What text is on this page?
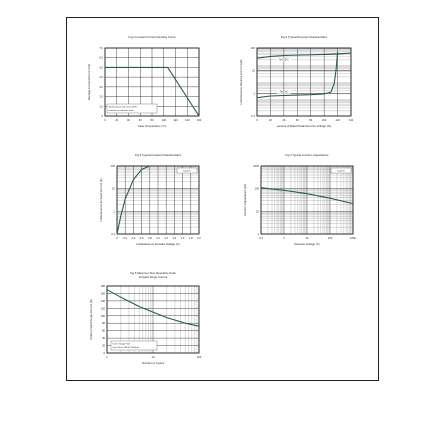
0	20	40	60	80	100	120	140	160
0
1.0
2.0
3.0
4.0
5.0
6.0
7.0
Single phase half wave 60 Hz
resistive or inductive load
Fig.1 Forward Current Derating Curve
Case Temperature (°C)
Average Forward Current (A)
0	20	40	60	80	100	120	140
0.1
1
10
100
Tj=125°C
Tj=25°C
Fig.2 Typical Reverse Characteristics
percent of Rated Peak Reverse Voltage (%)
Instantaneous Reverse Current (µA)
0 0.2 0.4 0.6 0.8 1.0 1.2 1.4 1.6 1.8 2.0
0.1
1
10
100
Tj=25°C
Fig.3 Typical Forward Characteristics
Instantaneous Forward Voltage (V)
Instantaneous Forward Current (A)
0.1	1	10	100	1000
1
10
100
1000
Tj=25°C
Fig.4 Typical Junction Capacitance
Reverse Voltage (V)
Junction Capacitance (pF)
1	10	100
0
20
40
60
80
100
120
140
160
180
8.3ms Single Half
Sine Wave JEDEC Method
Fig.5 Maximum Non-Repetitive Peak
Forward Surge Current
Number of Cycles
Peak Forward Surge Current (A)
